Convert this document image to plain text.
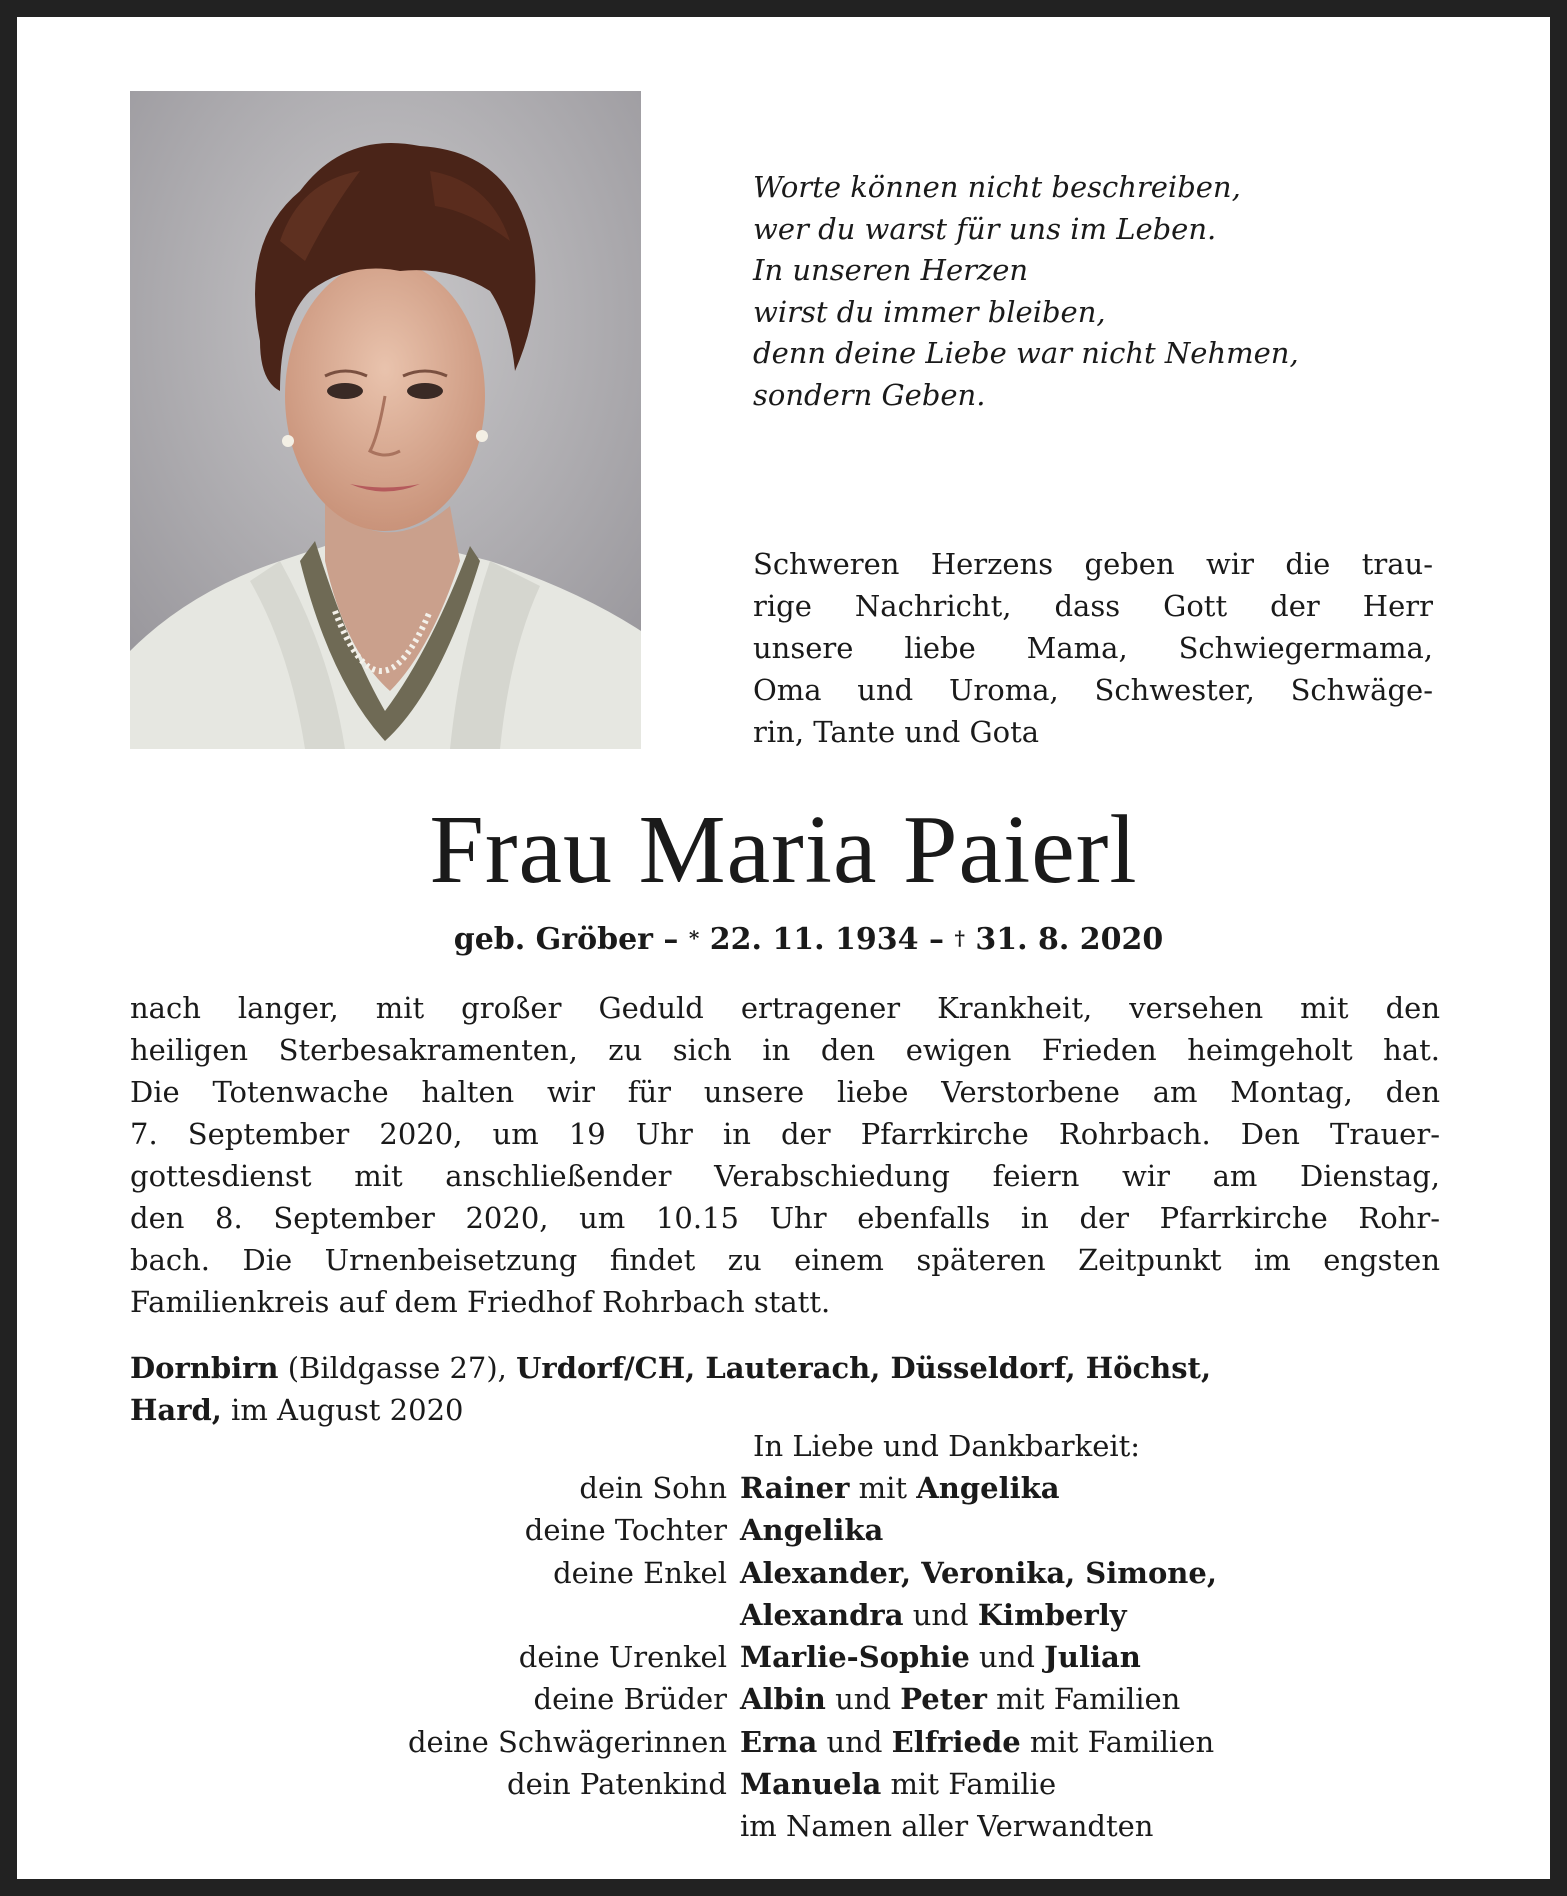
Worte können nicht beschreiben,
wer du warst für uns im Leben.
In unseren Herzen
wirst du immer bleiben,
denn deine Liebe war nicht Nehmen,
sondern Geben.
Schweren Herzens geben wir die trau-
rige Nachricht, dass Gott der Herr
unsere liebe Mama, Schwiegermama,
Oma und Uroma, Schwester, Schwäge-
rin, Tante und Gota
Frau Maria Paierl
geb. Gröber – * 22. 11. 1934 – † 31. 8. 2020
nach langer, mit großer Geduld ertragener Krankheit, versehen mit den
heiligen Sterbesakramenten, zu sich in den ewigen Frieden heimgeholt hat.
Die Totenwache halten wir für unsere liebe Verstorbene am Montag, den
7. September 2020, um 19 Uhr in der Pfarrkirche Rohrbach. Den Trauer-
gottesdienst mit anschließender Verabschiedung feiern wir am Dienstag,
den 8. September 2020, um 10.15 Uhr ebenfalls in der Pfarrkirche Rohr-
bach. Die Urnenbeisetzung findet zu einem späteren Zeitpunkt im engsten
Familienkreis auf dem Friedhof Rohrbach statt.
Dornbirn (Bildgasse 27), Urdorf/CH, Lauterach, Düsseldorf, Höchst,
Hard, im August 2020
In Liebe und Dankbarkeit:
dein Sohn Rainer mit Angelika
deine Tochter Angelika
deine Enkel Alexander, Veronika, Simone,
Alexandra und Kimberly
deine Urenkel Marlie-Sophie und Julian
deine Brüder Albin und Peter mit Familien
deine Schwägerinnen Erna und Elfriede mit Familien
dein Patenkind Manuela mit Familie
im Namen aller Verwandten
